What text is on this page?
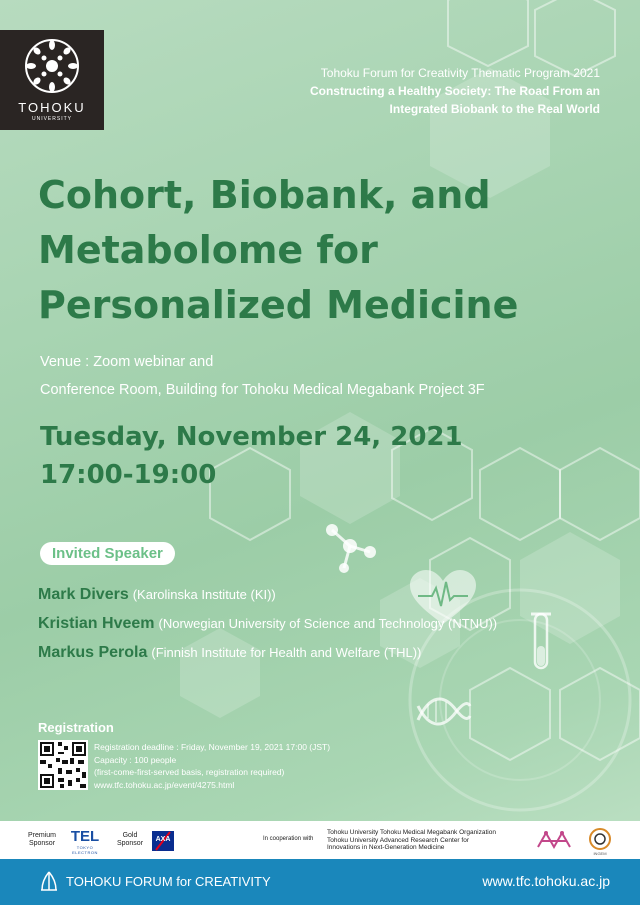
TOHOKU
UNIVERSITY
Tohoku Forum for Creativity Thematic Program 2021
Constructing a Healthy Society: The Road From an
Integrated Biobank to the Real World
Cohort, Biobank, and
Metabolome for
Personalized Medicine
Venue : Zoom webinar and
Conference Room, Building for Tohoku Medical Megabank Project 3F
Tuesday, November 24, 2021
17:00-19:00
Invited Speaker
Mark Divers (Karolinska Institute (KI))
Kristian Hveem (Norwegian University of Science and Technology (NTNU))
Markus Perola (Finnish Institute for Health and Welfare (THL))
Registration
Registration deadline : Friday, November 19, 2021 17:00 (JST)
Capacity : 100 people
(first-come-first-served basis, registration required)
www.tfc.tohoku.ac.jp/event/4275.html
Premium
Sponsor	TEL
TOKYO ELECTRON
Gold
Sponsor
AXA	In cooperation with
Tohoku University Tohoku Medical Megabank Organization
Tohoku University Advanced Research Center for
Innovations in Next-Generation Medicine
INGEM
TOHOKU FORUM for CREATIVITY	www.tfc.tohoku.ac.jp
